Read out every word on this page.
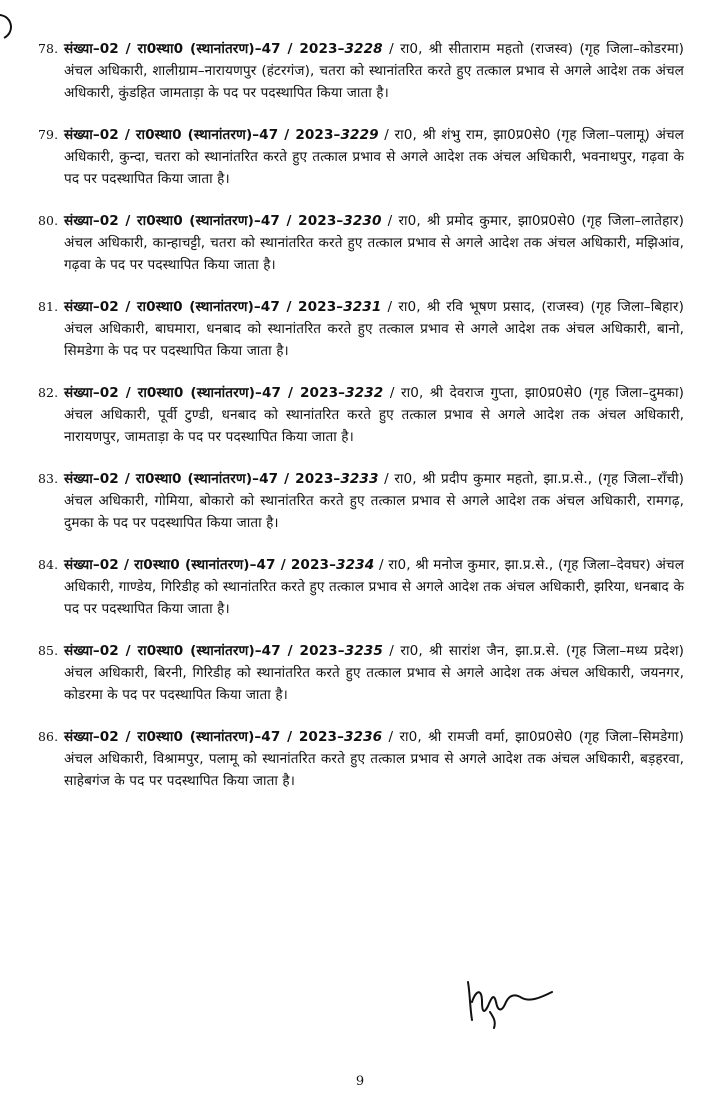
78. संख्या–02 / रा0स्था0 (स्थानांतरण)–47 / 2023–3228 / रा0, श्री सीताराम महतो (राजस्व) (गृह जिला–कोडरमा) अंचल अधिकारी, शालीग्राम–नारायणपुर (हंटरगंज), चतरा को स्थानांतरित करते हुए तत्काल प्रभाव से अगले आदेश तक अंचल अधिकारी, कुंडहित जामताड़ा के पद पर पदस्थापित किया जाता है।
79. संख्या–02 / रा0स्था0 (स्थानांतरण)–47 / 2023–3229 / रा0, श्री शंभु राम, झा0प्र0से0 (गृह जिला–पलामू) अंचल अधिकारी, कुन्दा, चतरा को स्थानांतरित करते हुए तत्काल प्रभाव से अगले आदेश तक अंचल अधिकारी, भवनाथपुर, गढ़वा के पद पर पदस्थापित किया जाता है।
80. संख्या–02 / रा0स्था0 (स्थानांतरण)–47 / 2023–3230 / रा0, श्री प्रमोद कुमार, झा0प्र0से0 (गृह जिला–लातेहार) अंचल अधिकारी, कान्हाचट्टी, चतरा को स्थानांतरित करते हुए तत्काल प्रभाव से अगले आदेश तक अंचल अधिकारी, मझिआंव, गढ़वा के पद पर पदस्थापित किया जाता है।
81. संख्या–02 / रा0स्था0 (स्थानांतरण)–47 / 2023–3231 / रा0, श्री रवि भूषण प्रसाद, (राजस्व) (गृह जिला–बिहार) अंचल अधिकारी, बाघमारा, धनबाद को स्थानांतरित करते हुए तत्काल प्रभाव से अगले आदेश तक अंचल अधिकारी, बानो, सिमडेगा के पद पर पदस्थापित किया जाता है।
82. संख्या–02 / रा0स्था0 (स्थानांतरण)–47 / 2023–3232 / रा0, श्री देवराज गुप्ता, झा0प्र0से0 (गृह जिला–दुमका) अंचल अधिकारी, पूर्वी टुण्डी, धनबाद को स्थानांतरित करते हुए तत्काल प्रभाव से अगले आदेश तक अंचल अधिकारी, नारायणपुर, जामताड़ा के पद पर पदस्थापित किया जाता है।
83. संख्या–02 / रा0स्था0 (स्थानांतरण)–47 / 2023–3233 / रा0, श्री प्रदीप कुमार महतो, झा.प्र.से., (गृह जिला–राँची) अंचल अधिकारी, गोमिया, बोकारो को स्थानांतरित करते हुए तत्काल प्रभाव से अगले आदेश तक अंचल अधिकारी, रामगढ़, दुमका के पद पर पदस्थापित किया जाता है।
84. संख्या–02 / रा0स्था0 (स्थानांतरण)–47 / 2023–3234 / रा0, श्री मनोज कुमार, झा.प्र.से., (गृह जिला–देवघर) अंचल अधिकारी, गाण्डेय, गिरिडीह को स्थानांतरित करते हुए तत्काल प्रभाव से अगले आदेश तक अंचल अधिकारी, झरिया, धनबाद के पद पर पदस्थापित किया जाता है।
85. संख्या–02 / रा0स्था0 (स्थानांतरण)–47 / 2023–3235 / रा0, श्री सारांश जैन, झा.प्र.से. (गृह जिला–मध्य प्रदेश) अंचल अधिकारी, बिरनी, गिरिडीह को स्थानांतरित करते हुए तत्काल प्रभाव से अगले आदेश तक अंचल अधिकारी, जयनगर, कोडरमा के पद पर पदस्थापित किया जाता है।
86. संख्या–02 / रा0स्था0 (स्थानांतरण)–47 / 2023–3236 / रा0, श्री रामजी वर्मा, झा0प्र0से0 (गृह जिला–सिमडेगा) अंचल अधिकारी, विश्रामपुर, पलामू को स्थानांतरित करते हुए तत्काल प्रभाव से अगले आदेश तक अंचल अधिकारी, बड़हरवा, साहेबगंज के पद पर पदस्थापित किया जाता है।
9
